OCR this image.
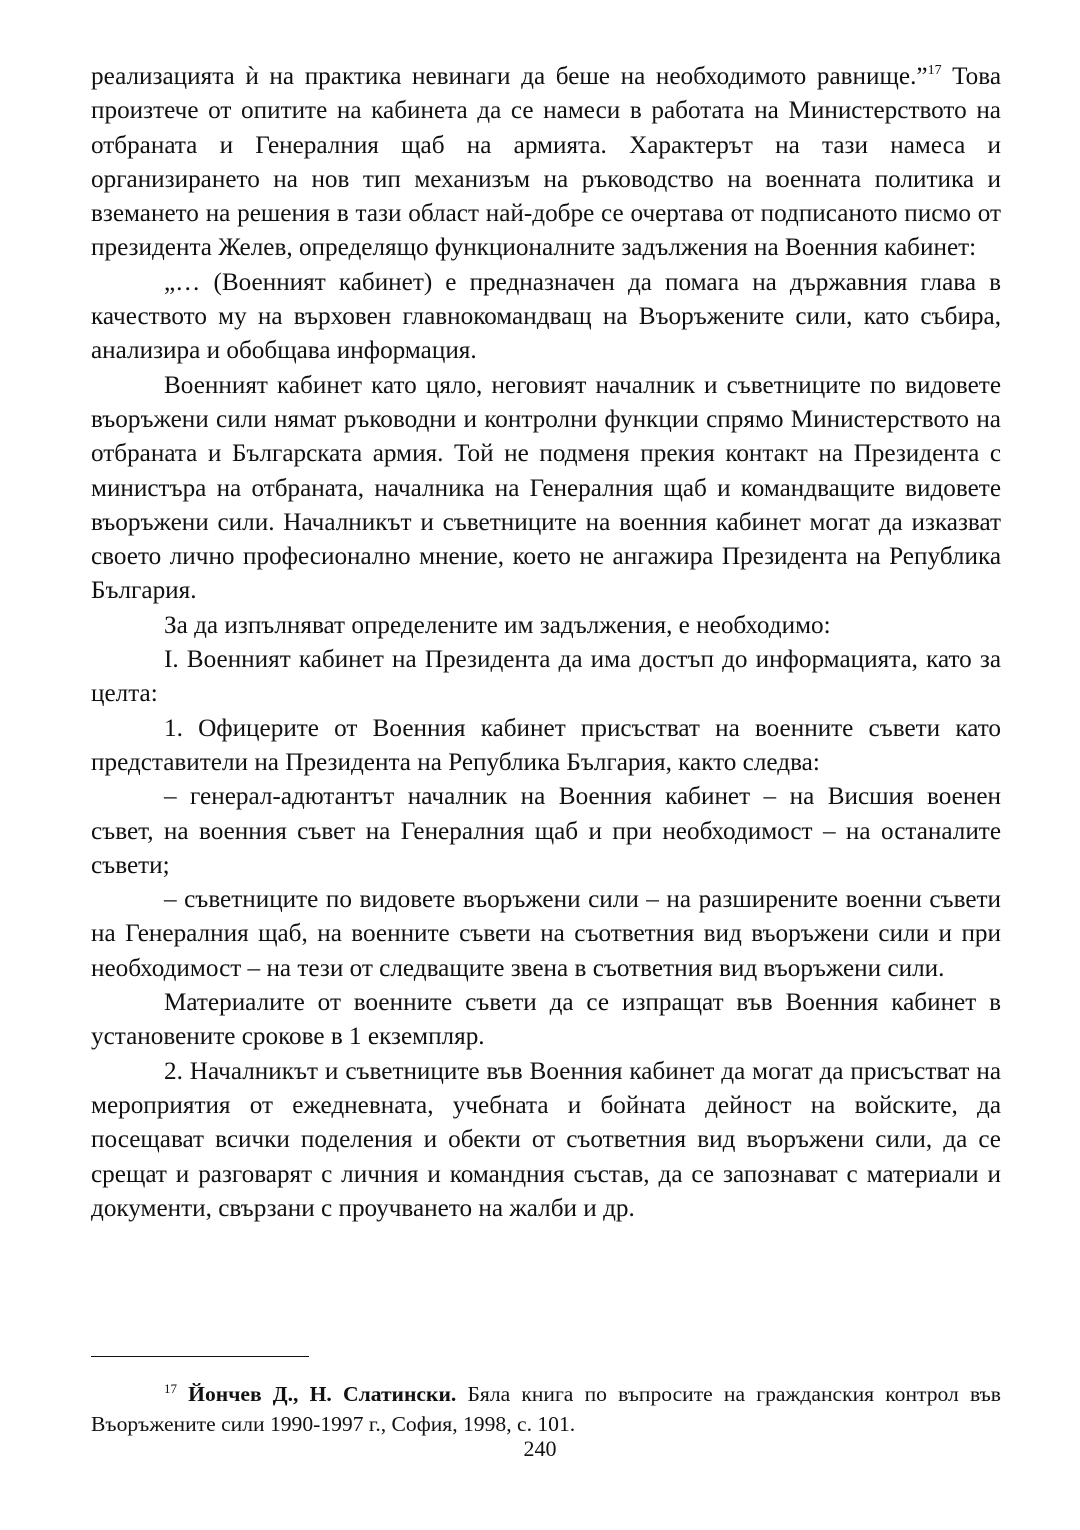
реализацията ѝ на практика невинаги да беше на необходимото равнище.”$^{17}$ Това произтече от опитите на кабинета да се намеси в работата на Министерството на отбраната и Генералния щаб на армията. Характерът на тази намеса и организирането на нов тип механизъм на ръководство на военната политика и вземането на решения в тази област най-добре се очертава от подписаното писмо от президента Желев, определящо функционалните задължения на Военния кабинет:

„… (Военният кабинет) е предназначен да помага на държавния глава в качеството му на върховен главнокомандващ на Въоръжените сили, като събира, анализира и обобщава информация.

Военният кабинет като цяло, неговият началник и съветниците по видовете въоръжени сили нямат ръководни и контролни функции спрямо Министерството на отбраната и Българската армия. Той не подменя прекия контакт на Президента с министъра на отбраната, началника на Генералния щаб и командващите видовете въоръжени сили. Началникът и съветниците на военния кабинет могат да изказват своето лично професионално мнение, което не ангажира Президента на Република България.

За да изпълняват определените им задължения, е необходимо:

I. Военният кабинет на Президента да има достъп до информацията, като за целта:

1. Офицерите от Военния кабинет присъстват на военните съвети като представители на Президента на Република България, както следва:

– генерал-адютантът началник на Военния кабинет – на Висшия военен съвет, на военния съвет на Генералния щаб и при необходимост – на останалите съвети;

– съветниците по видовете въоръжени сили – на разширените военни съвети на Генералния щаб, на военните съвети на съответния вид въоръжени сили и при необходимост – на тези от следващите звена в съответния вид въоръжени сили.

Материалите от военните съвети да се изпращат във Военния кабинет в установените срокове в 1 екземпляр.

2. Началникът и съветниците във Военния кабинет да могат да присъстват на мероприятия от ежедневната, учебната и бойната дейност на войските, да посещават всички поделения и обекти от съответния вид въоръжени сили, да се срещат и разговарят с личния и командния състав, да се запознават с материали и документи, свързани с проучването на жалби и др.

$^{17}$ Йончев Д., Н. Слатински. Бяла книга по въпросите на гражданския контрол във Въоръжените сили 1990-1997 г., София, 1998, с. 101.

240
